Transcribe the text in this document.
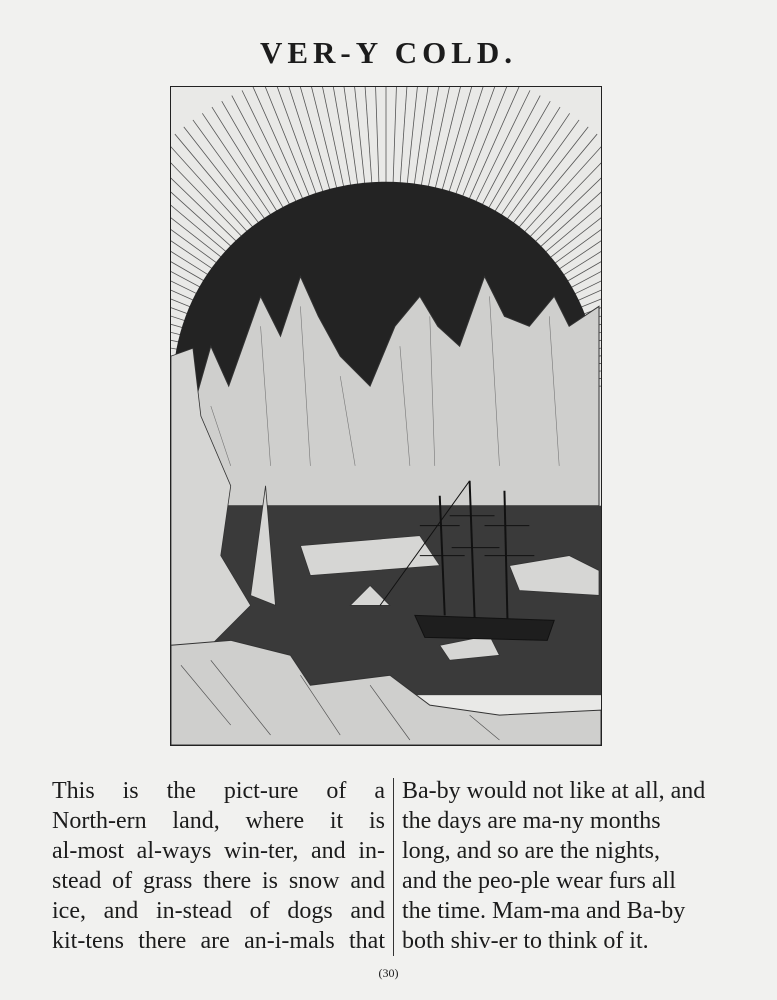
VER-Y COLD.
This is the pict-ure of a
North-ern land, where it is
al-most al-ways win-ter, and in-
stead of grass there is snow and
ice, and in-stead of dogs and
kit-tens there are an-i-mals that
Ba-by would not like at all, and
the days are ma-ny months
long, and so are the nights,
and the peo-ple wear furs all
the time. Mam-ma and Ba-by
both shiv-er to think of it.
(30)
